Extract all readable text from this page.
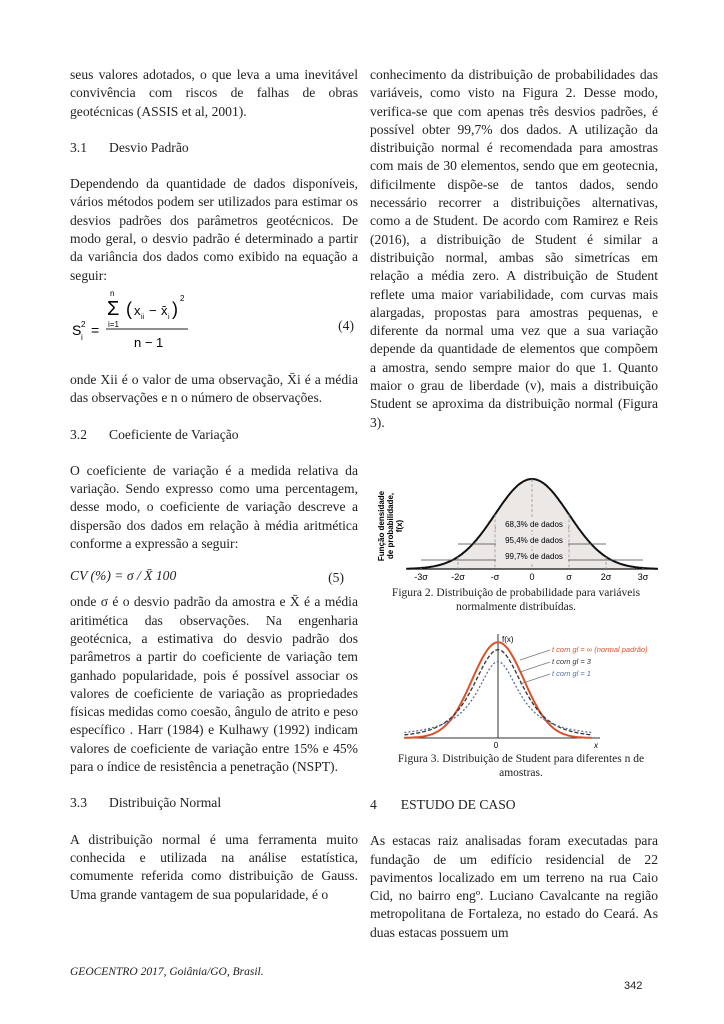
seus valores adotados, o que leva a uma inevitável convivência com riscos de falhas de obras geotécnicas (ASSIS et al, 2001).

3.1 Desvio Padrão

Dependendo da quantidade de dados disponíveis, vários métodos podem ser utilizados para estimar os desvios padrões dos parâmetros geotécnicos. De modo geral, o desvio padrão é determinado a partir da variância dos dados como exibido na equação a seguir:

S i
2 =
Σ
n
i=1
( x ii − x̄ i )
2
n − 1
(4)

onde Xii é o valor de uma observação, X̄i é a média das observações e n o número de observações.

3.2 Coeficiente de Variação

O coeficiente de variação é a medida relativa da variação. Sendo expresso como uma percentagem, desse modo, o coeficiente de variação descreve a dispersão dos dados em relação à média aritmética conforme a expressão a seguir:

CV (%) = σ / X̄ 100	(5)

onde σ é o desvio padrão da amostra e X̄ é a média aritimética das observações. Na engenharia geotécnica, a estimativa do desvio padrão dos parâmetros a partir do coeficiente de variação tem ganhado popularidade, pois é possível associar os valores de coeficiente de variação as propriedades físicas medidas como coesão, ângulo de atrito e peso específico . Harr (1984) e Kulhawy (1992) indicam valores de coeficiente de variação entre 15% e 45% para o índice de resistência a penetração (NSPT).

3.3 Distribuição Normal

A distribuição normal é uma ferramenta muito conhecida e utilizada na análise estatística, comumente referida como distribuição de Gauss. Uma grande vantagem de sua popularidade, é o

conhecimento da distribuição de probabilidades das variáveis, como visto na Figura 2. Desse modo, verifica-se que com apenas três desvios padrões, é possível obter 99,7% dos dados. A utilização da distribuição normal é recomendada para amostras com mais de 30 elementos, sendo que em geotecnia, dificilmente dispõe-se de tantos dados, sendo necessário recorrer a distribuições alternativas, como a de Student. De acordo com Ramirez e Reis (2016), a distribuição de Student é similar a distribuição normal, ambas são simetrícas em relação a média zero. A distribuição de Student reflete uma maior variabilidade, com curvas mais alargadas, propostas para amostras pequenas, e diferente da normal uma vez que a sua variação depende da quantidade de elementos que compõem a amostra, sendo sempre maior do que 1. Quanto maior o grau de liberdade (v), mais a distribuição Student se aproxima da distribuição normal (Figura 3).

Função densidade de probabilidade, f(x)	68,3% de dados
95,4% de dados
99,7% de dados
-3σ	-2σ	-σ	0	σ	2σ	3σ

Figura 2. Distribuição de probabilidade para variáveis normalmente distribuídas.

f(x)
x
0
t com gl = ∞ (normal padrão)
t com gl = 3
t com gl = 1

Figura 3. Distribuição de Student para diferentes n de amostras.

4 ESTUDO DE CASO

As estacas raiz analisadas foram executadas para fundação de um edifício residencial de 22 pavimentos localizado em um terreno na rua Caio Cid, no bairro engº. Luciano Cavalcante na região metropolitana de Fortaleza, no estado do Ceará. As duas estacas possuem um

GEOCENTRO 2017, Goiânia/GO, Brasil.
342
